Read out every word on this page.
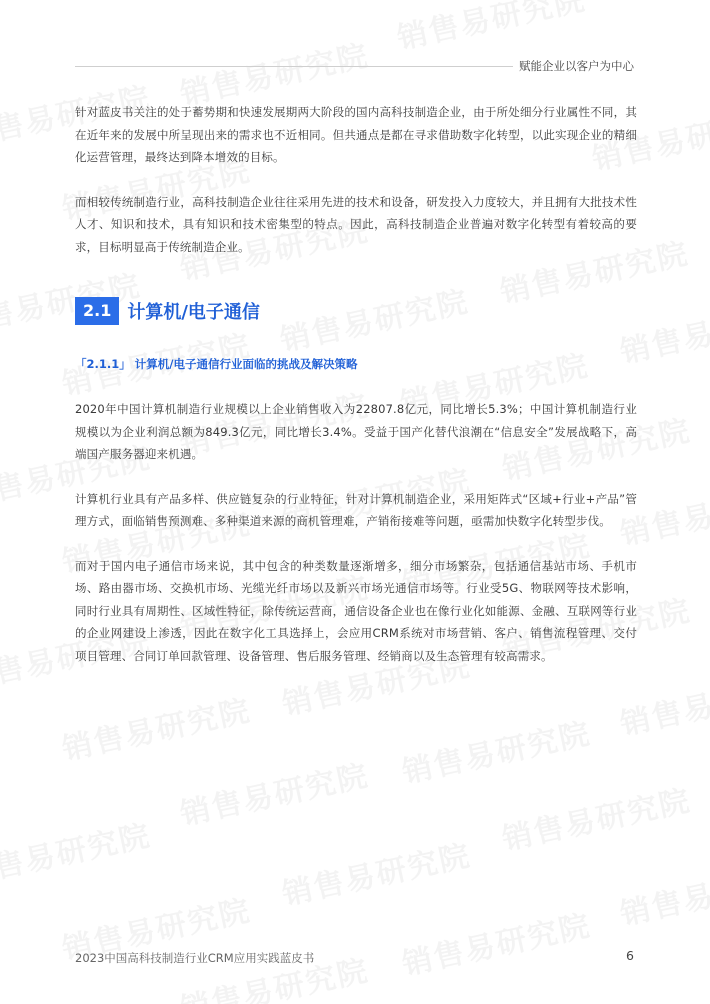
赋能企业以客户为中心

针对蓝皮书关注的处于蓄势期和快速发展期两大阶段的国内高科技制造企业，由于所处细分行业属性不同，其在近年来的发展中所呈现出来的需求也不近相同。但共通点是都在寻求借助数字化转型，以此实现企业的精细化运营管理，最终达到降本增效的目标。

而相较传统制造行业，高科技制造企业往往采用先进的技术和设备，研发投入力度较大，并且拥有大批技术性人才、知识和技术，具有知识和技术密集型的特点。因此，高科技制造企业普遍对数字化转型有着较高的要求，目标明显高于传统制造企业。

2.1 计算机/电子通信
「2.1.1」 计算机/电子通信行业面临的挑战及解决策略

2020年中国计算机制造行业规模以上企业销售收入为22807.8亿元，同比增长5.3%；中国计算机制造行业规模以为企业利润总额为849.3亿元，同比增长3.4%。受益于国产化替代浪潮在“信息安全”发展战略下，高端国产服务器迎来机遇。

计算机行业具有产品多样、供应链复杂的行业特征，针对计算机制造企业，采用矩阵式“区域+行业+产品”管理方式，面临销售预测难、多种渠道来源的商机管理难，产销衔接难等问题，亟需加快数字化转型步伐。

而对于国内电子通信市场来说，其中包含的种类数量逐渐增多，细分市场繁杂，包括通信基站市场、手机市场、路由器市场、交换机市场、光缆光纤市场以及新兴市场光通信市场等。行业受5G、物联网等技术影响，同时行业具有周期性、区域性特征，除传统运营商，通信设备企业也在像行业化如能源、金融、互联网等行业的企业网建设上渗透，因此在数字化工具选择上，会应用CRM系统对市场营销、客户、销售流程管理、交付项目管理、合同订单回款管理、设备管理、售后服务管理、经销商以及生态管理有较高需求。

2023中国高科技制造行业CRM应用实践蓝皮书	6
